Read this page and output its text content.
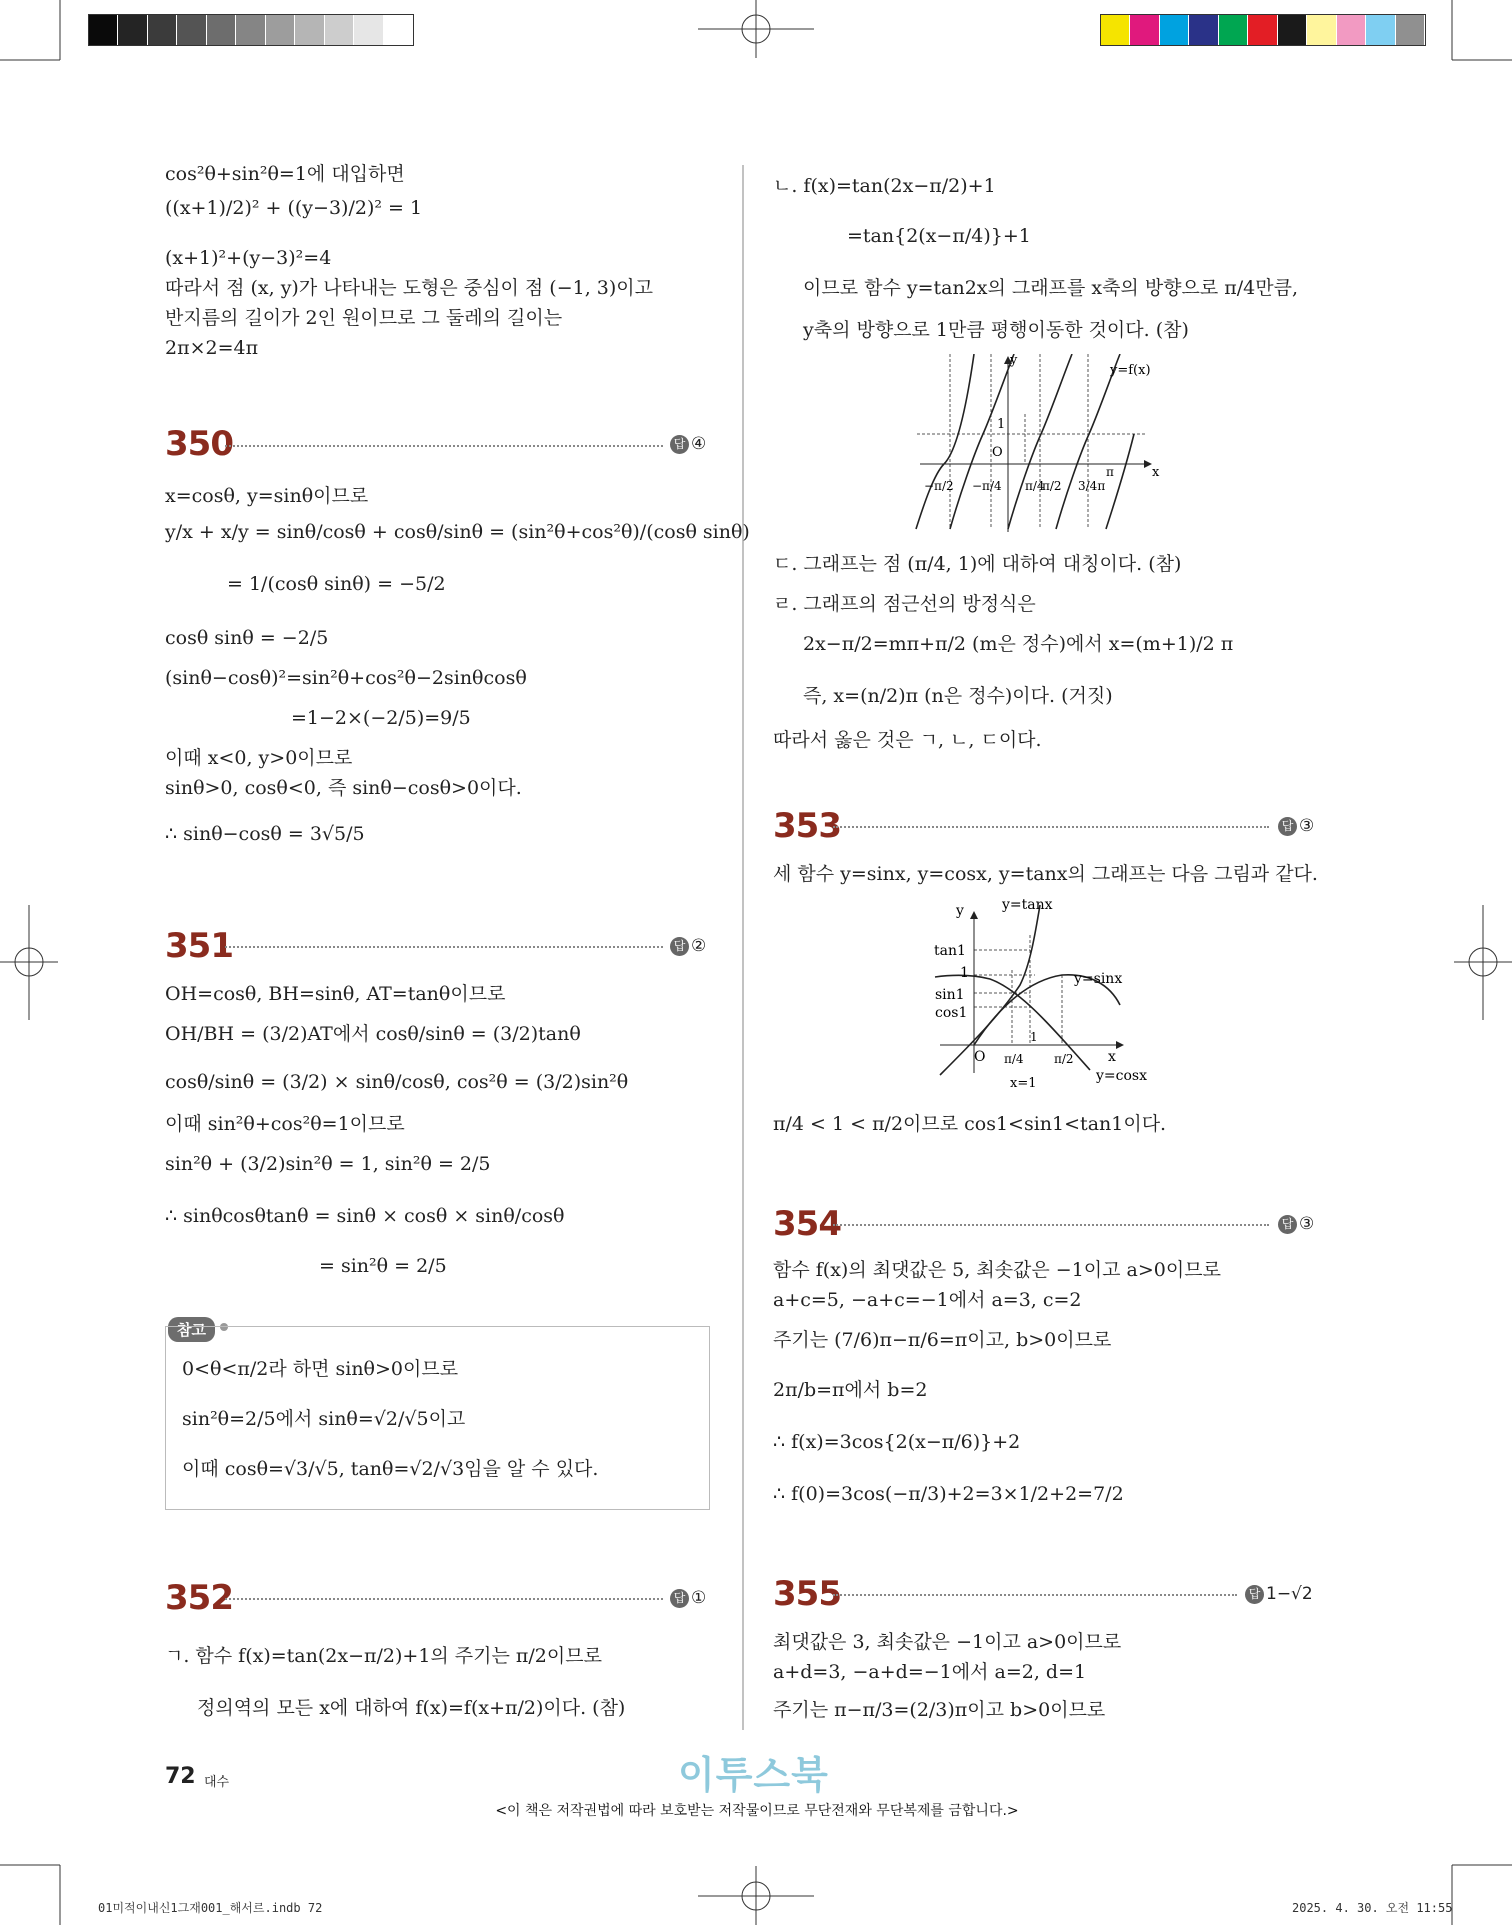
cos²θ+sin²θ=1에 대입하면
((x+1)/2)² + ((y−3)/2)² = 1
(x+1)²+(y−3)²=4
따라서 점 (x, y)가 나타내는 도형은 중심이 점 (−1, 3)이고
반지름의 길이가 2인 원이므로 그 둘레의 길이는
2π×2=4π
350	답 ④
x=cosθ, y=sinθ이므로
y/x + x/y = sinθ/cosθ + cosθ/sinθ = (sin²θ+cos²θ)/(cosθ sinθ)
= 1/(cosθ sinθ) = −5/2
cosθ sinθ = −2/5
(sinθ−cosθ)²=sin²θ+cos²θ−2sinθcosθ
=1−2×(−2/5)=9/5
이때 x<0, y>0이므로
sinθ>0, cosθ<0, 즉 sinθ−cosθ>0이다.
∴ sinθ−cosθ = 3√5/5
351	답 ②
OH=cosθ, BH=sinθ, AT=tanθ이므로
OH/BH = (3/2)AT에서 cosθ/sinθ = (3/2)tanθ
cosθ/sinθ = (3/2) × sinθ/cosθ, cos²θ = (3/2)sin²θ
이때 sin²θ+cos²θ=1이므로
sin²θ + (3/2)sin²θ = 1, sin²θ = 2/5
∴ sinθcosθtanθ = sinθ × cosθ × sinθ/cosθ
= sin²θ = 2/5
참고
0<θ<π/2라 하면 sinθ>0이므로
sin²θ=2/5에서 sinθ=√2/√5이고
이때 cosθ=√3/√5, tanθ=√2/√3임을 알 수 있다.
352	답 ①
ㄱ. 함수 f(x)=tan(2x−π/2)+1의 주기는 π/2이므로
정의역의 모든 x에 대하여 f(x)=f(x+π/2)이다. (참)
ㄴ. f(x)=tan(2x−π/2)+1
=tan{2(x−π/4)}+1
이므로 함수 y=tan2x의 그래프를 x축의 방향으로 π/4만큼,
y축의 방향으로 1만큼 평행이동한 것이다. (참)
y
x
y=f(x)
1
O
−π/2 −π/4 π/4
π/2 3/4π
π
ㄷ. 그래프는 점 (π/4, 1)에 대하여 대칭이다. (참)
ㄹ. 그래프의 점근선의 방정식은
2x−π/2=mπ+π/2 (m은 정수)에서 x=(m+1)/2 π
즉, x=(n/2)π (n은 정수)이다. (거짓)
따라서 옳은 것은 ㄱ, ㄴ, ㄷ이다.
353	답 ③
세 함수 y=sinx, y=cosx, y=tanx의 그래프는 다음 그림과 같다.
y=tanx
y=sinx
y=cosx
tan1
1
sin1
cos1
π/4
1
π/2
x=1
y
x
O
π/4 < 1 < π/2이므로 cos1<sin1<tan1이다.
354	답 ③
함수 f(x)의 최댓값은 5, 최솟값은 −1이고 a>0이므로
a+c=5, −a+c=−1에서 a=3, c=2
주기는 (7/6)π−π/6=π이고, b>0이므로
2π/b=π에서 b=2
∴ f(x)=3cos{2(x−π/6)}+2
∴ f(0)=3cos(−π/3)+2=3×1/2+2=7/2
355	답 1−√2
최댓값은 3, 최솟값은 −1이고 a>0이므로
a+d=3, −a+d=−1에서 a=2, d=1
주기는 π−π/3=(2/3)π이고 b>0이므로
72 대수	이투스북
<이 책은 저작권법에 따라 보호받는 저작물이므로 무단전재와 무단복제를 금합니다.>
01미적이내신1그재001_해서르.indb 72	2025. 4. 30. 오전 11:55
